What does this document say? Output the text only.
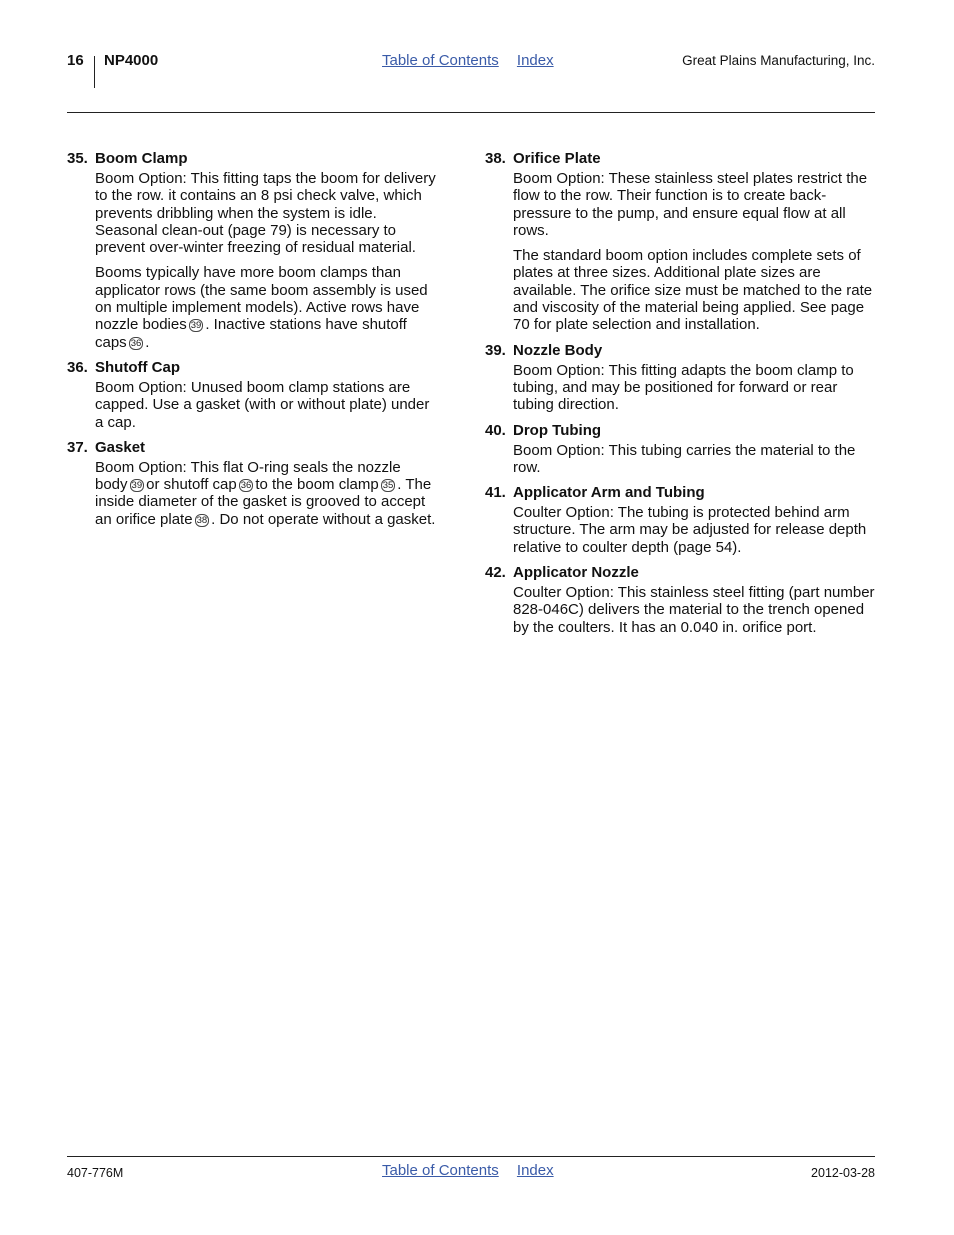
16 NP4000	Table of Contents Index	Great Plains Manufacturing, Inc.
35. Boom Clamp
Boom Option: This fitting taps the boom for delivery to the row. it contains an 8 psi check valve, which prevents dribbling when the system is idle. Seasonal clean-out (page 79) is necessary to prevent over-winter freezing of residual material.
Booms typically have more boom clamps than applicator rows (the same boom assembly is used on multiple implement models). Active rows have nozzle bodies 39 . Inactive stations have shutoff caps 36 .
36. Shutoff Cap
Boom Option: Unused boom clamp stations are capped. Use a gasket (with or without plate) under a cap.
37. Gasket
Boom Option: This flat O-ring seals the nozzle body 39 or shutoff cap 36 to the boom clamp 35 . The inside diameter of the gasket is grooved to accept an orifice plate 38 . Do not operate without a gasket.
38. Orifice Plate
Boom Option: These stainless steel plates restrict the flow to the row. Their function is to create back-pressure to the pump, and ensure equal flow at all rows.
The standard boom option includes complete sets of plates at three sizes. Additional plate sizes are available. The orifice size must be matched to the rate and viscosity of the material being applied. See page 70 for plate selection and installation.
39. Nozzle Body
Boom Option: This fitting adapts the boom clamp to tubing, and may be positioned for forward or rear tubing direction.
40. Drop Tubing
Boom Option: This tubing carries the material to the row.
41. Applicator Arm and Tubing
Coulter Option: The tubing is protected behind arm structure. The arm may be adjusted for release depth relative to coulter depth (page 54).
42. Applicator Nozzle
Coulter Option: This stainless steel fitting (part number 828-046C) delivers the material to the trench opened by the coulters. It has an 0.040 in. orifice port.
407-776M	Table of Contents Index	2012-03-28
